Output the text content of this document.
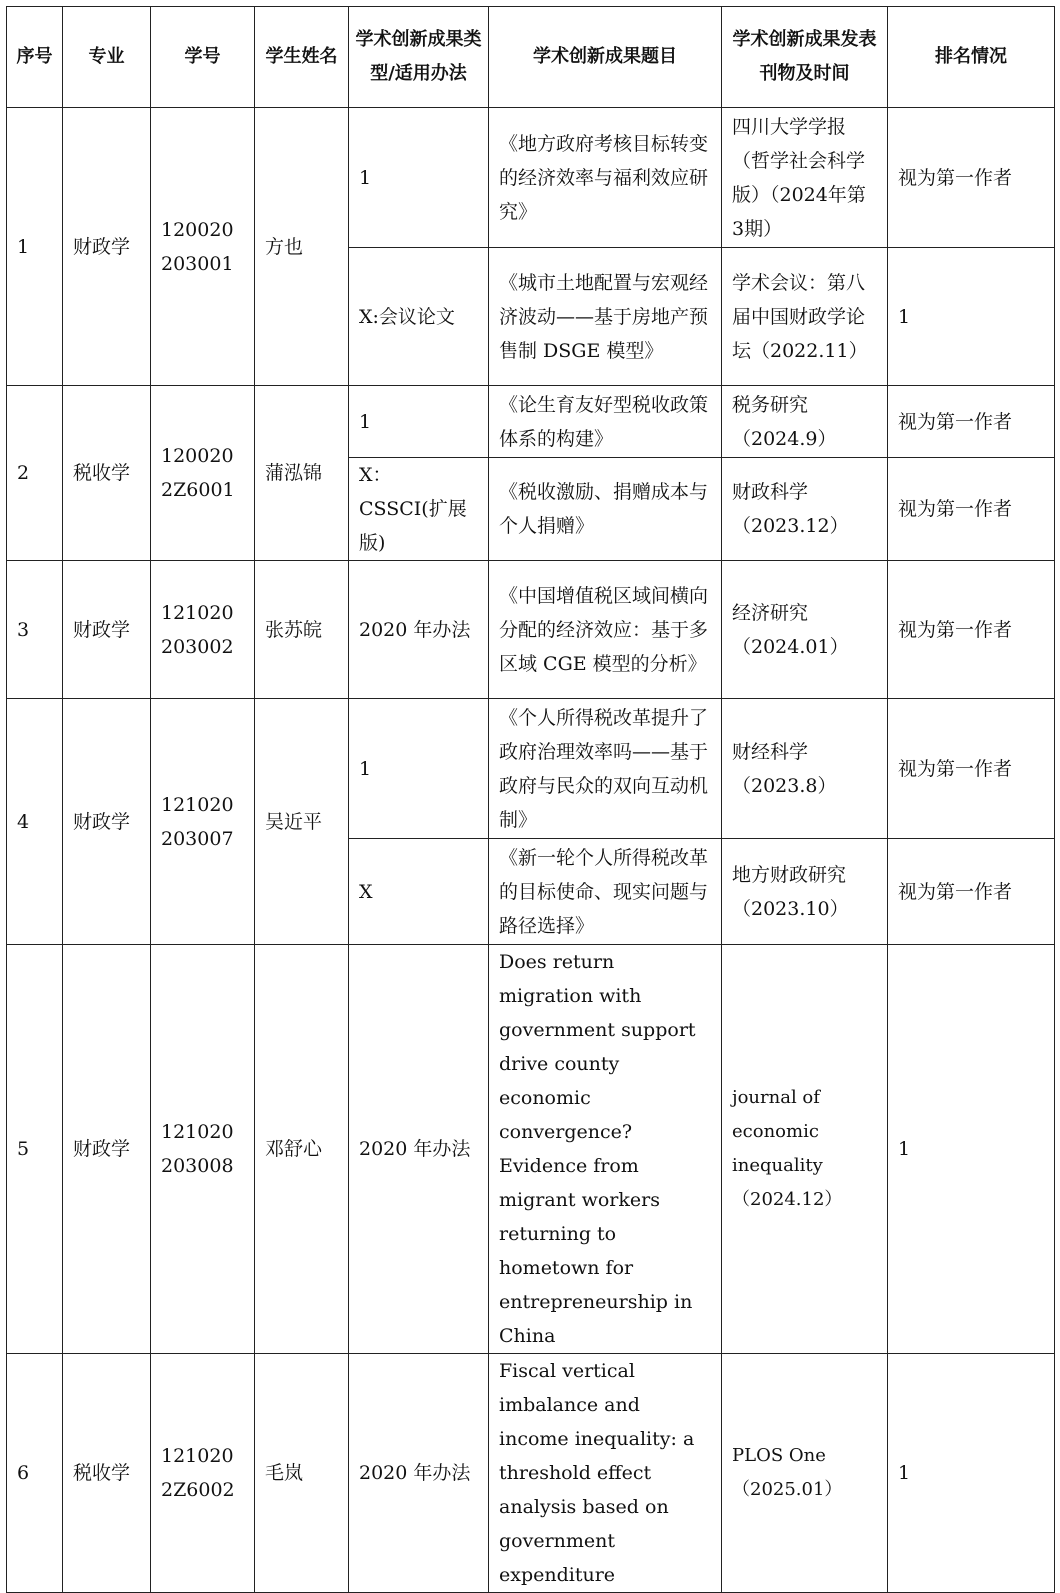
序号	专业	学号	学生姓名	学术创新成果类型/适用办法	学术创新成果题目	学术创新成果发表刊物及时间	排名情况
1	财政学	120020203001	方也	1	《地方政府考核目标转变的经济效率与福利效应研究》	四川大学学报（哲学社会科学版）（2024年第3期）	视为第一作者
				X:会议论文	《城市土地配置与宏观经济波动——基于房地产预售制 DSGE 模型》	学术会议：第八届中国财政学论坛（2022.11）	1
2	税收学	1200202Z6001	蒲泓锦	1	《论生育友好型税收政策体系的构建》	税务研究（2024.9）	视为第一作者
				X：CSSCI(扩展版)	《税收激励、捐赠成本与个人捐赠》	财政科学（2023.12）	视为第一作者
3	财政学	121020203002	张苏皖	2020 年办法	《中国增值税区域间横向分配的经济效应：基于多区域 CGE 模型的分析》	经济研究（2024.01）	视为第一作者
4	财政学	121020203007	吴近平	1	《个人所得税改革提升了政府治理效率吗——基于政府与民众的双向互动机制》	财经科学（2023.8）	视为第一作者
				X	《新一轮个人所得税改革的目标使命、现实问题与路径选择》	地方财政研究（2023.10）	视为第一作者
5	财政学	121020203008	邓舒心	2020 年办法	Does return migration with government support drive county economic convergence? Evidence from migrant workers returning to hometown for entrepreneurship in China	journal of economic inequality（2024.12）	1
6	税收学	1210202Z6002	毛岚	2020 年办法	Fiscal vertical imbalance and income inequality: a threshold effect analysis based on government expenditure	PLOS One（2025.01）	1
